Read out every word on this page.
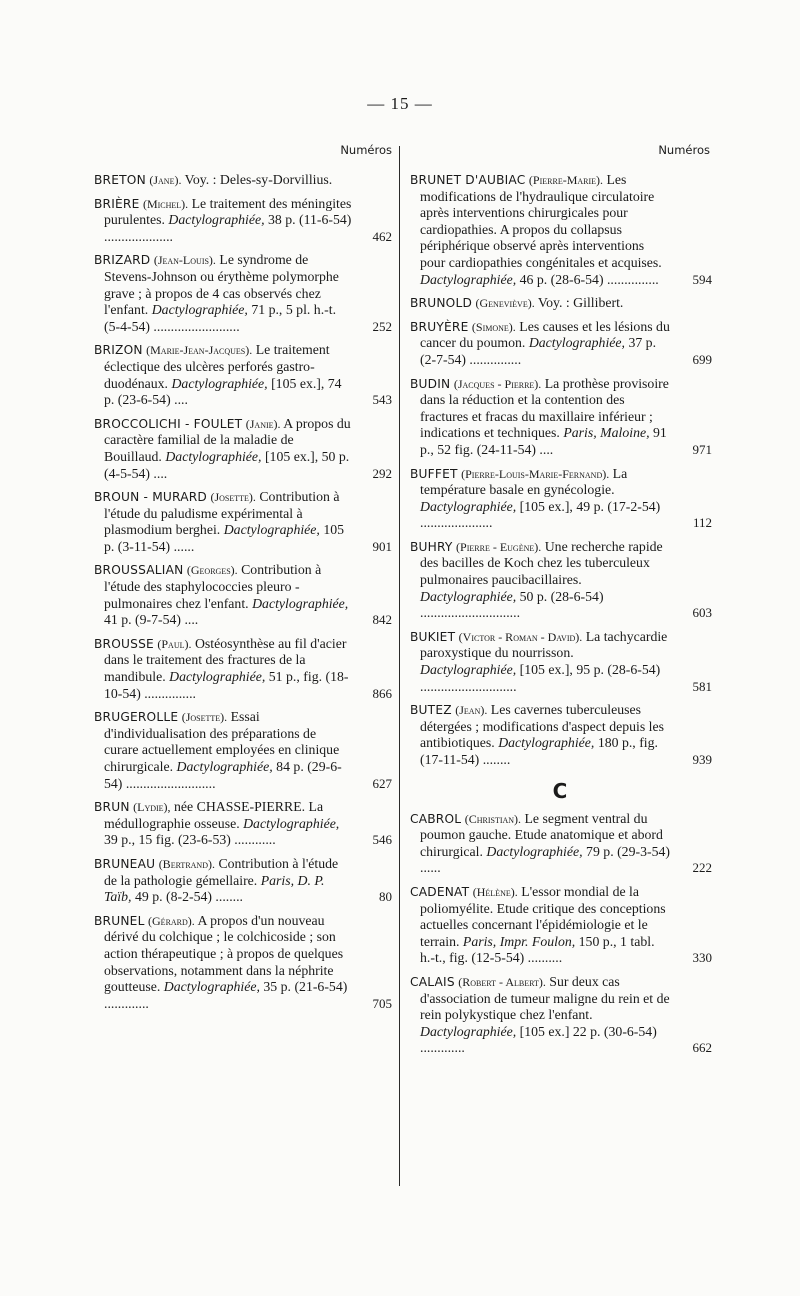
— 15 —
Numéros
BRETON (Jane). Voy. : Deles-sy-Dorvillius.
BRIÈRE (Michel). Le traitement des méningites purulentes. Dactylographiée, 38 p. (11-6-54) ....................	462
BRIZARD (Jean-Louis). Le syndrome de Stevens-Johnson ou érythème polymorphe grave ; à propos de 4 cas observés chez l'enfant. Dactylographiée, 71 p., 5 pl. h.-t. (5-4-54) .........................	252
BRIZON (Marie-Jean-Jacques). Le traitement éclectique des ulcères perforés gastro-duodénaux. Dactylographiée, [105 ex.], 74 p. (23-6-54) ....	543
BROCCOLICHI - FOULET (Janie). A propos du caractère familial de la maladie de Bouillaud. Dactylographiée, [105 ex.], 50 p. (4-5-54) ....	292
BROUN - MURARD (Josette). Contribution à l'étude du paludisme expérimental à plasmodium berghei. Dactylographiée, 105 p. (3-11-54) ......	901
BROUSSALIAN (Georges). Contribution à l'étude des staphylococcies pleuro - pulmonaires chez l'enfant. Dactylographiée, 41 p. (9-7-54) ....	842
BROUSSE (Paul). Ostéosynthèse au fil d'acier dans le traitement des fractures de la mandibule. Dactylographiée, 51 p., fig. (18-10-54) ...............	866
BRUGEROLLE (Josette). Essai d'individualisation des préparations de curare actuellement employées en clinique chirurgicale. Dactylographiée, 84 p. (29-6-54) ..........................	627
BRUN (Lydie), née CHASSE-PIERRE. La médullographie osseuse. Dactylographiée, 39 p., 15 fig. (23-6-53) ............	546
BRUNEAU (Bertrand). Contribution à l'étude de la pathologie gémellaire. Paris, D. P. Taïb, 49 p. (8-2-54) ........	80
BRUNEL (Gérard). A propos d'un nouveau dérivé du colchique ; le colchicoside ; son action thérapeutique ; à propos de quelques observations, notamment dans la néphrite goutteuse. Dactylographiée, 35 p. (21-6-54) .............	705
Numéros
BRUNET D'AUBIAC (Pierre-Marie). Les modifications de l'hydraulique circulatoire après interventions chirurgicales pour cardiopathies. A propos du collapsus périphérique observé après interventions pour cardiopathies congénitales et acquises. Dactylographiée, 46 p. (28-6-54) ...............	594
BRUNOLD (Geneviève). Voy. : Gillibert.
BRUYÈRE (Simone). Les causes et les lésions du cancer du poumon. Dactylographiée, 37 p. (2-7-54) ...............	699
BUDIN (Jacques - Pierre). La prothèse provisoire dans la réduction et la contention des fractures et fracas du maxillaire inférieur ; indications et techniques. Paris, Maloine, 91 p., 52 fig. (24-11-54) ....	971
BUFFET (Pierre-Louis-Marie-Fernand). La température basale en gynécologie. Dactylographiée, [105 ex.], 49 p. (17-2-54) .....................	112
BUHRY (Pierre - Eugène). Une recherche rapide des bacilles de Koch chez les tuberculeux pulmonaires paucibacillaires. Dactylographiée, 50 p. (28-6-54) .............................	603
BUKIET (Victor - Roman - David). La tachycardie paroxystique du nourrisson. Dactylographiée, [105 ex.], 95 p. (28-6-54) ............................	581
BUTEZ (Jean). Les cavernes tuberculeuses détergées ; modifications d'aspect depuis les antibiotiques. Dactylographiée, 180 p., fig. (17-11-54) ........	939
C
CABROL (Christian). Le segment ventral du poumon gauche. Etude anatomique et abord chirurgical. Dactylographiée, 79 p. (29-3-54) ......	222
CADENAT (Hélène). L'essor mondial de la poliomyélite. Etude critique des conceptions actuelles concernant l'épidémiologie et le terrain. Paris, Impr. Foulon, 150 p., 1 tabl. h.-t., fig. (12-5-54) ..........	330
CALAIS (Robert - Albert). Sur deux cas d'association de tumeur maligne du rein et de rein polykystique chez l'enfant. Dactylographiée, [105 ex.] 22 p. (30-6-54) .............	662
